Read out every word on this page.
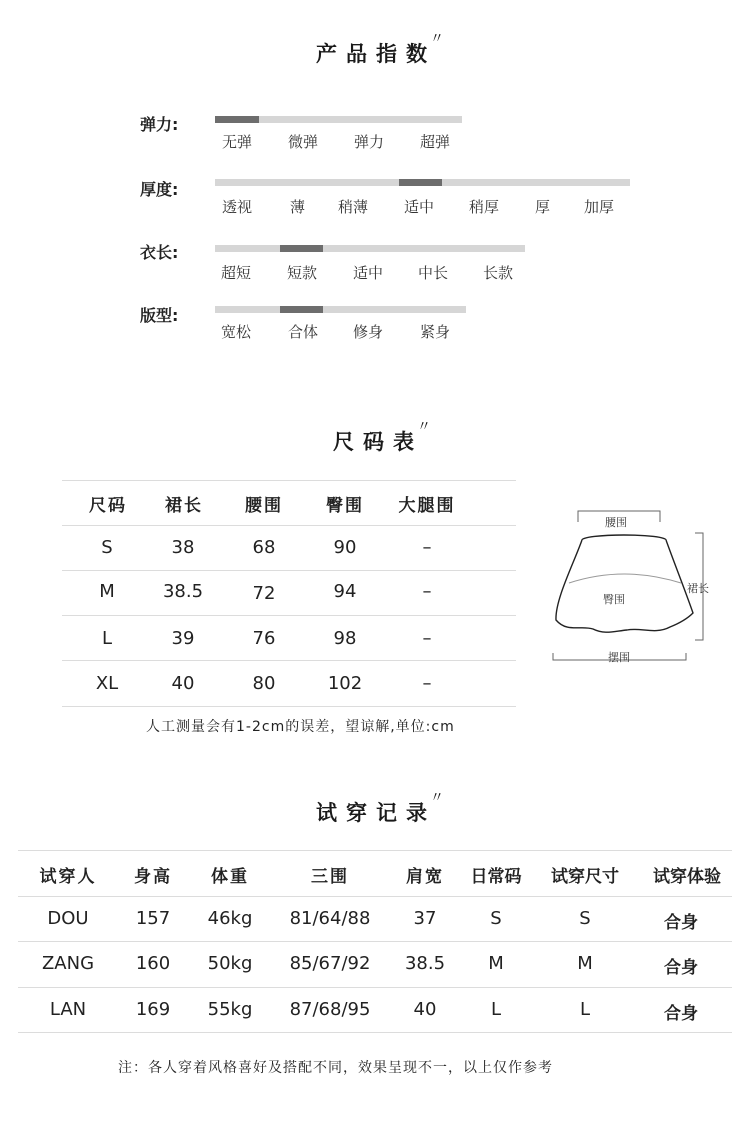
产品指数
〃
弹力:
无弹 微弹 弹力 超弹
厚度:
透视	薄 稍薄 适中 稍厚 厚 加厚
衣长:
超短 短款 适中 中长 长款
版型:
宽松 合体 修身 紧身
尺码表
〃
尺码 裙长 腰围	臀围 大腿围
S	38	68	90	–
M	38.5	72	94	–
L	39	76	98	–
XL	40	80	102	–
人工测量会有1-2cm的误差，望谅解,单位:cm
腰围
臀围
裙长
摆围
试穿记录
〃
试穿人 身高 体重	三围	肩宽 日常码 试穿尺寸 试穿体验
DOU	157 46kg 81/64/88 37	S	S	合身
ZANG 160 50kg 85/67/92 38.5 M	M	合身
LAN	169 55kg 87/68/95 40	L	L	合身
注：各人穿着风格喜好及搭配不同，效果呈现不一，以上仅作参考
